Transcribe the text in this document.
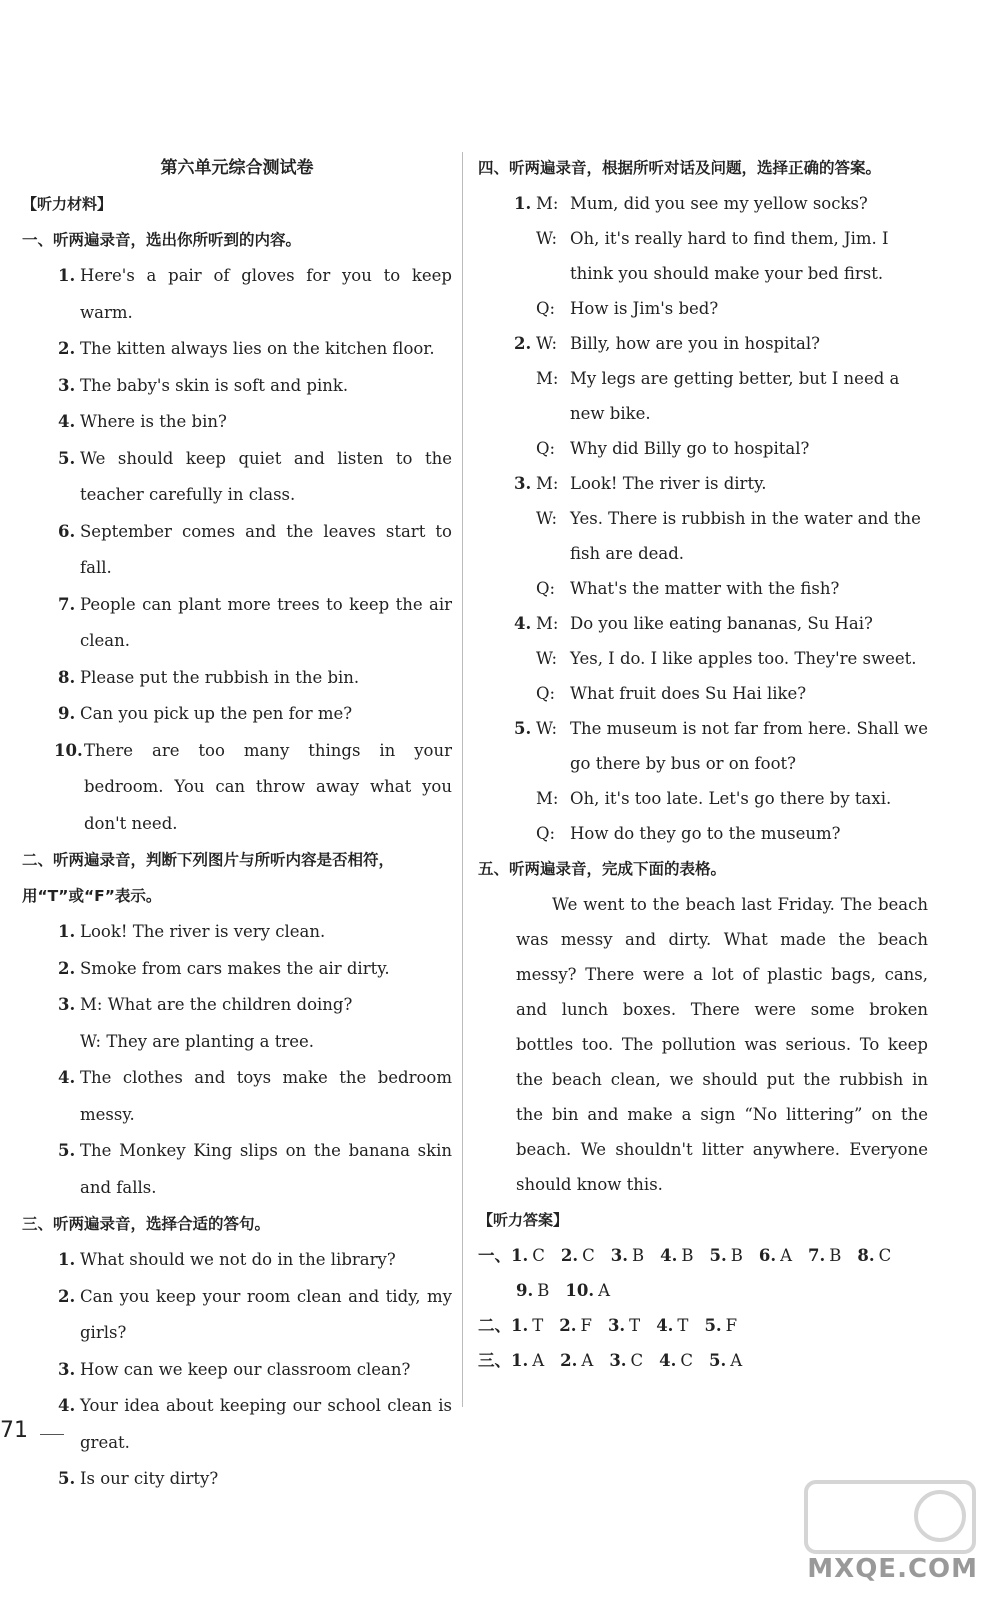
第六单元综合测试卷
【听力材料】
一、听两遍录音，选出你所听到的内容。
1. Here's a pair of gloves for you to keep warm.
2. The kitten always lies on the kitchen floor.
3. The baby's skin is soft and pink.
4. Where is the bin?
5. We should keep quiet and listen to the teacher carefully in class.
6. September comes and the leaves start to fall.
7. People can plant more trees to keep the air clean.
8. Please put the rubbish in the bin.
9. Can you pick up the pen for me?
10. There are too many things in your bedroom. You can throw away what you don't need.
二、听两遍录音，判断下列图片与所听内容是否相符，用“T”或“F”表示。
1. Look! The river is very clean.
2. Smoke from cars makes the air dirty.
3. M: What are the children doing?
W: They are planting a tree.
4. The clothes and toys make the bedroom messy.
5. The Monkey King slips on the banana skin and falls.
三、听两遍录音，选择合适的答句。
1. What should we not do in the library?
2. Can you keep your room clean and tidy, my girls?
3. How can we keep our classroom clean?
4. Your idea about keeping our school clean is great.
5. Is our city dirty?
四、听两遍录音，根据所听对话及问题，选择正确的答案。
1. M: Mum, did you see my yellow socks?
W: Oh, it's really hard to find them, Jim. I think you should make your bed first.
Q: How is Jim's bed?
2. W: Billy, how are you in hospital?
M: My legs are getting better, but I need a new bike.
Q: Why did Billy go to hospital?
3. M: Look! The river is dirty.
W: Yes. There is rubbish in the water and the fish are dead.
Q: What's the matter with the fish?
4. M: Do you like eating bananas, Su Hai?
W: Yes, I do. I like apples too. They're sweet.
Q: What fruit does Su Hai like?
5. W: The museum is not far from here. Shall we go there by bus or on foot?
M: Oh, it's too late. Let's go there by taxi.
Q: How do they go to the museum?
五、听两遍录音，完成下面的表格。
We went to the beach last Friday. The beach was messy and dirty. What made the beach messy? There were a lot of plastic bags, cans, and lunch boxes. There were some broken bottles too. The pollution was serious. To keep the beach clean, we should put the rubbish in the bin and make a sign “No littering” on the beach. We shouldn't litter anywhere. Everyone should know this.
【听力答案】
一、1. C 2. C 3. B 4. B 5. B 6. A 7. B 8. C
9. B 10. A
二、1. T 2. F 3. T 4. T 5. F
三、1. A 2. A 3. C 4. C 5. A
71
MXQE.COM
